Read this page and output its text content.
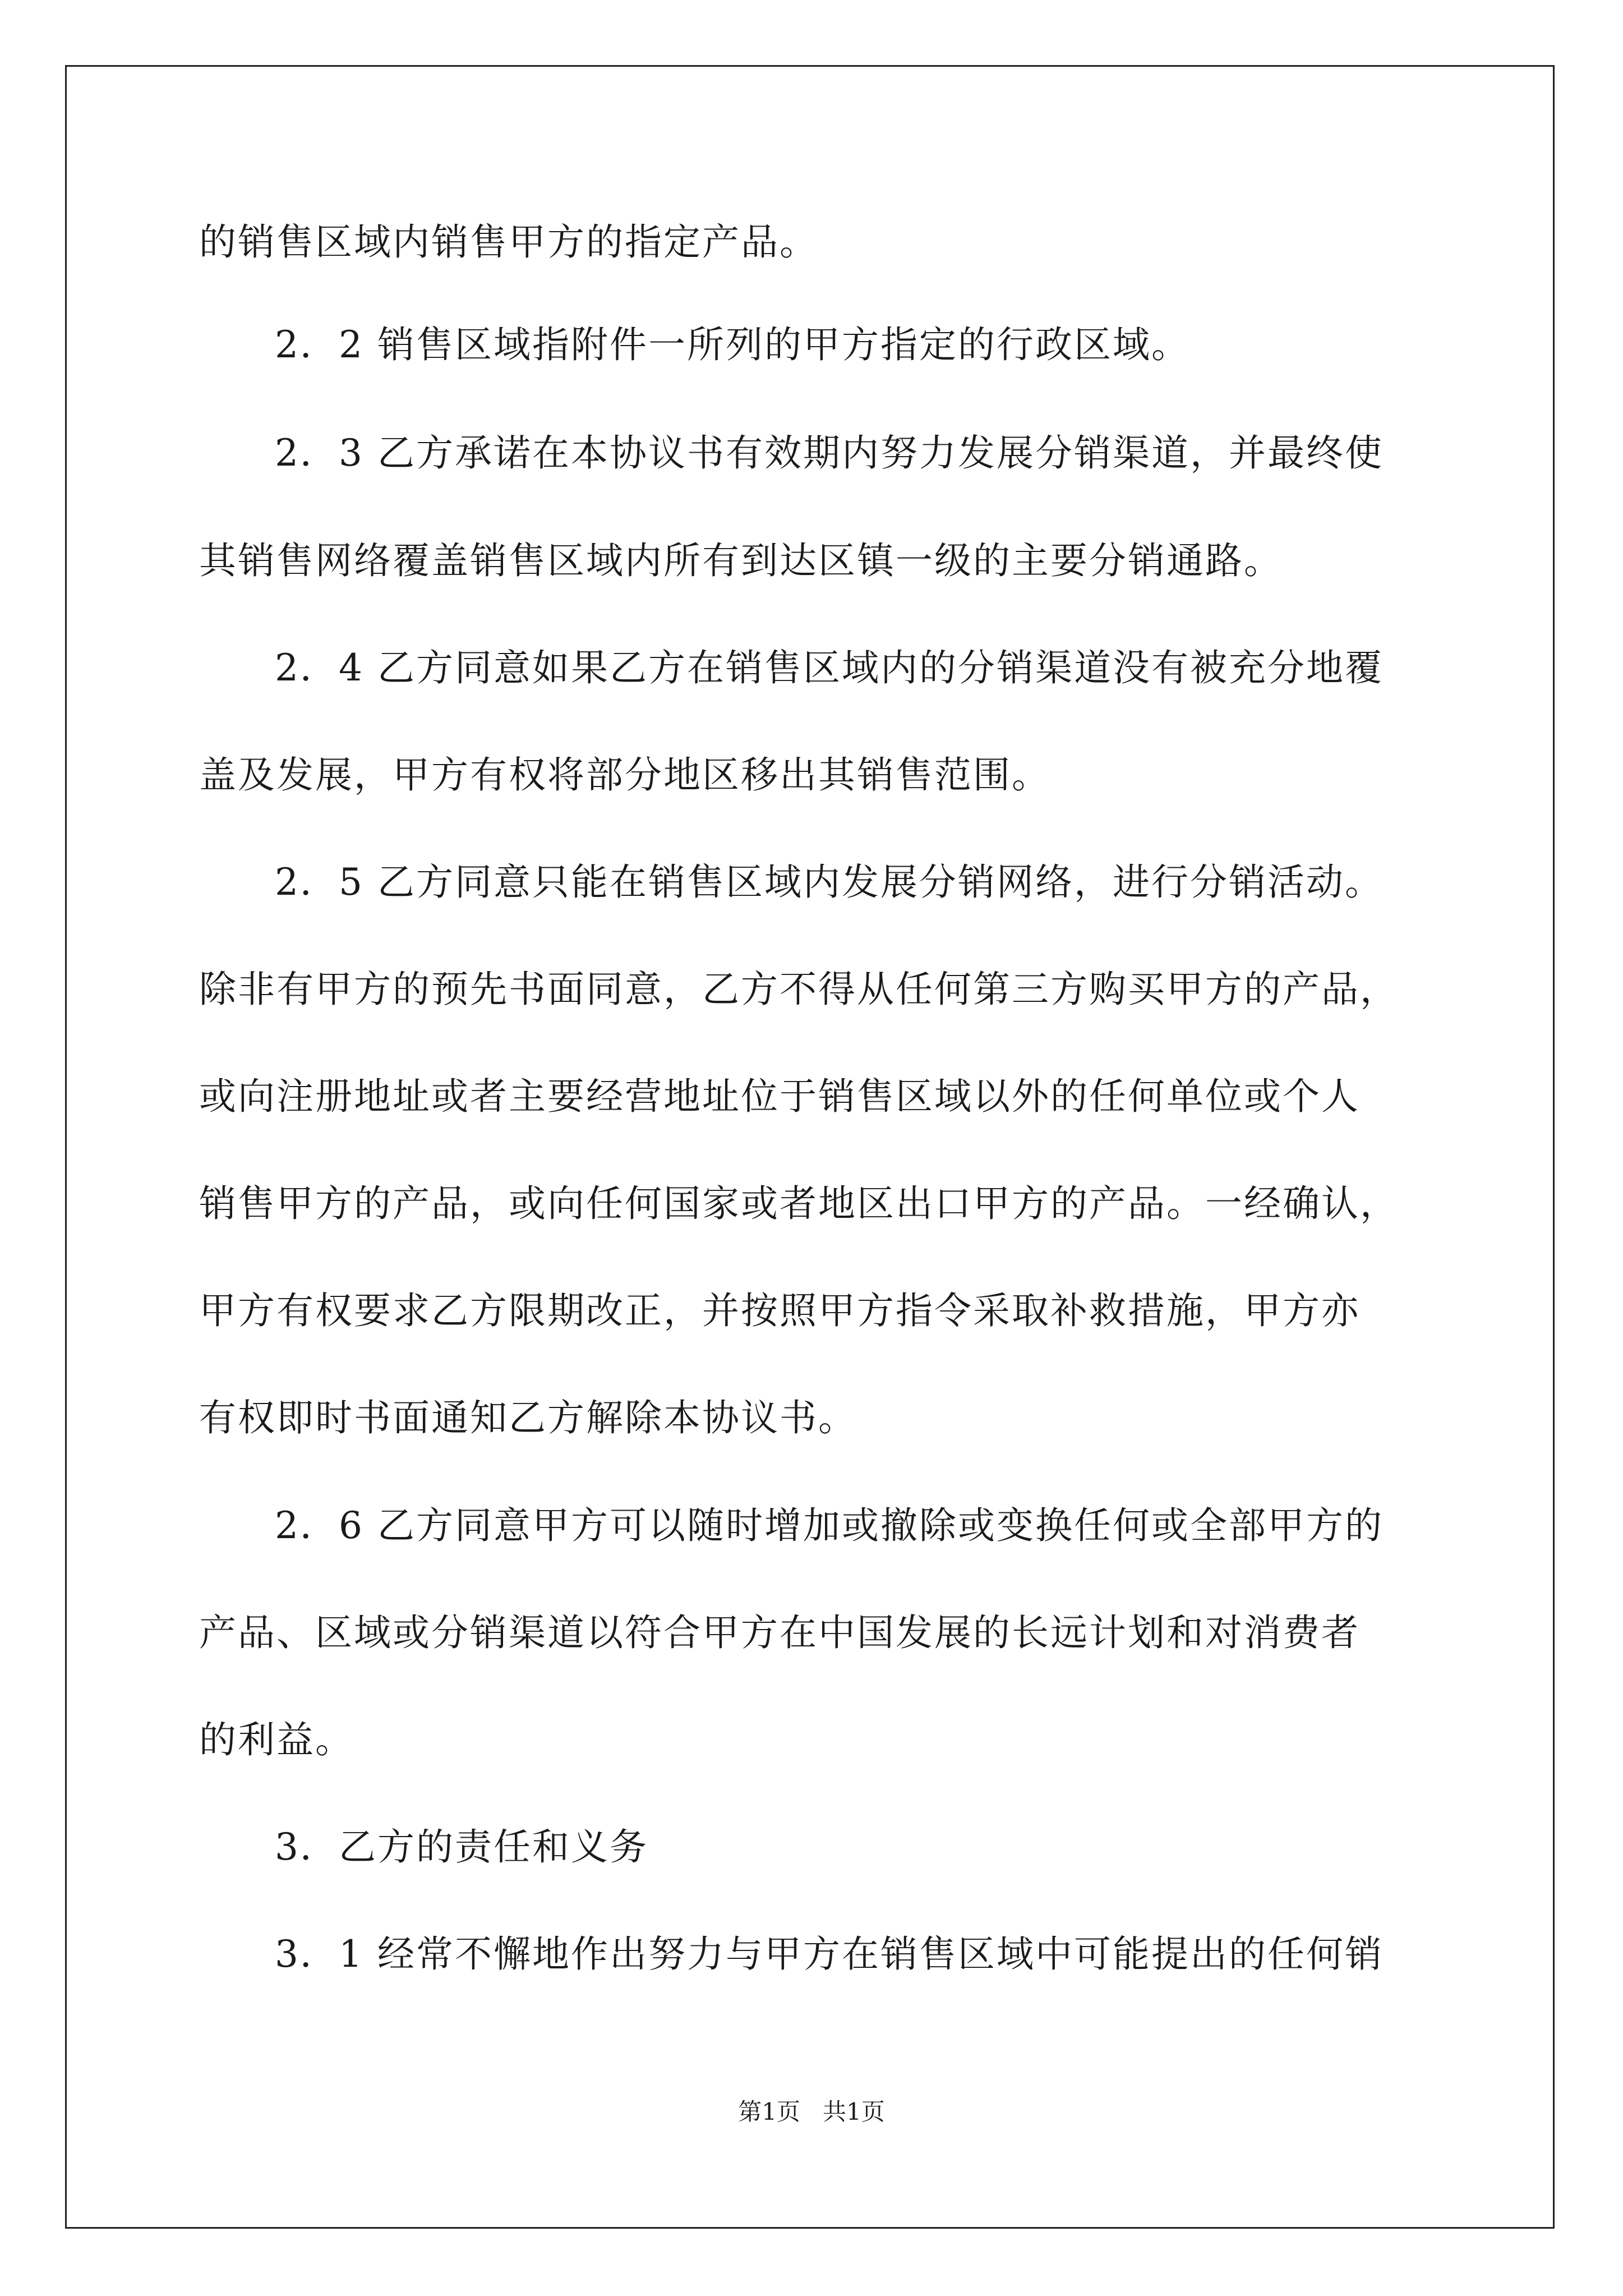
的销售区域内销售甲方的指定产品。
2．2 销售区域指附件一所列的甲方指定的行政区域。
2．3 乙方承诺在本协议书有效期内努力发展分销渠道，并最终使
其销售网络覆盖销售区域内所有到达区镇一级的主要分销通路。
2．4 乙方同意如果乙方在销售区域内的分销渠道没有被充分地覆
盖及发展，甲方有权将部分地区移出其销售范围。
2．5 乙方同意只能在销售区域内发展分销网络，进行分销活动。
除非有甲方的预先书面同意，乙方不得从任何第三方购买甲方的产品，
或向注册地址或者主要经营地址位于销售区域以外的任何单位或个人
销售甲方的产品，或向任何国家或者地区出口甲方的产品。一经确认，
甲方有权要求乙方限期改正，并按照甲方指令采取补救措施，甲方亦
有权即时书面通知乙方解除本协议书。
2．6 乙方同意甲方可以随时增加或撤除或变换任何或全部甲方的
产品、区域或分销渠道以符合甲方在中国发展的长远计划和对消费者
的利益。
3．乙方的责任和义务
3．1 经常不懈地作出努力与甲方在销售区域中可能提出的任何销
第1页   共1页
